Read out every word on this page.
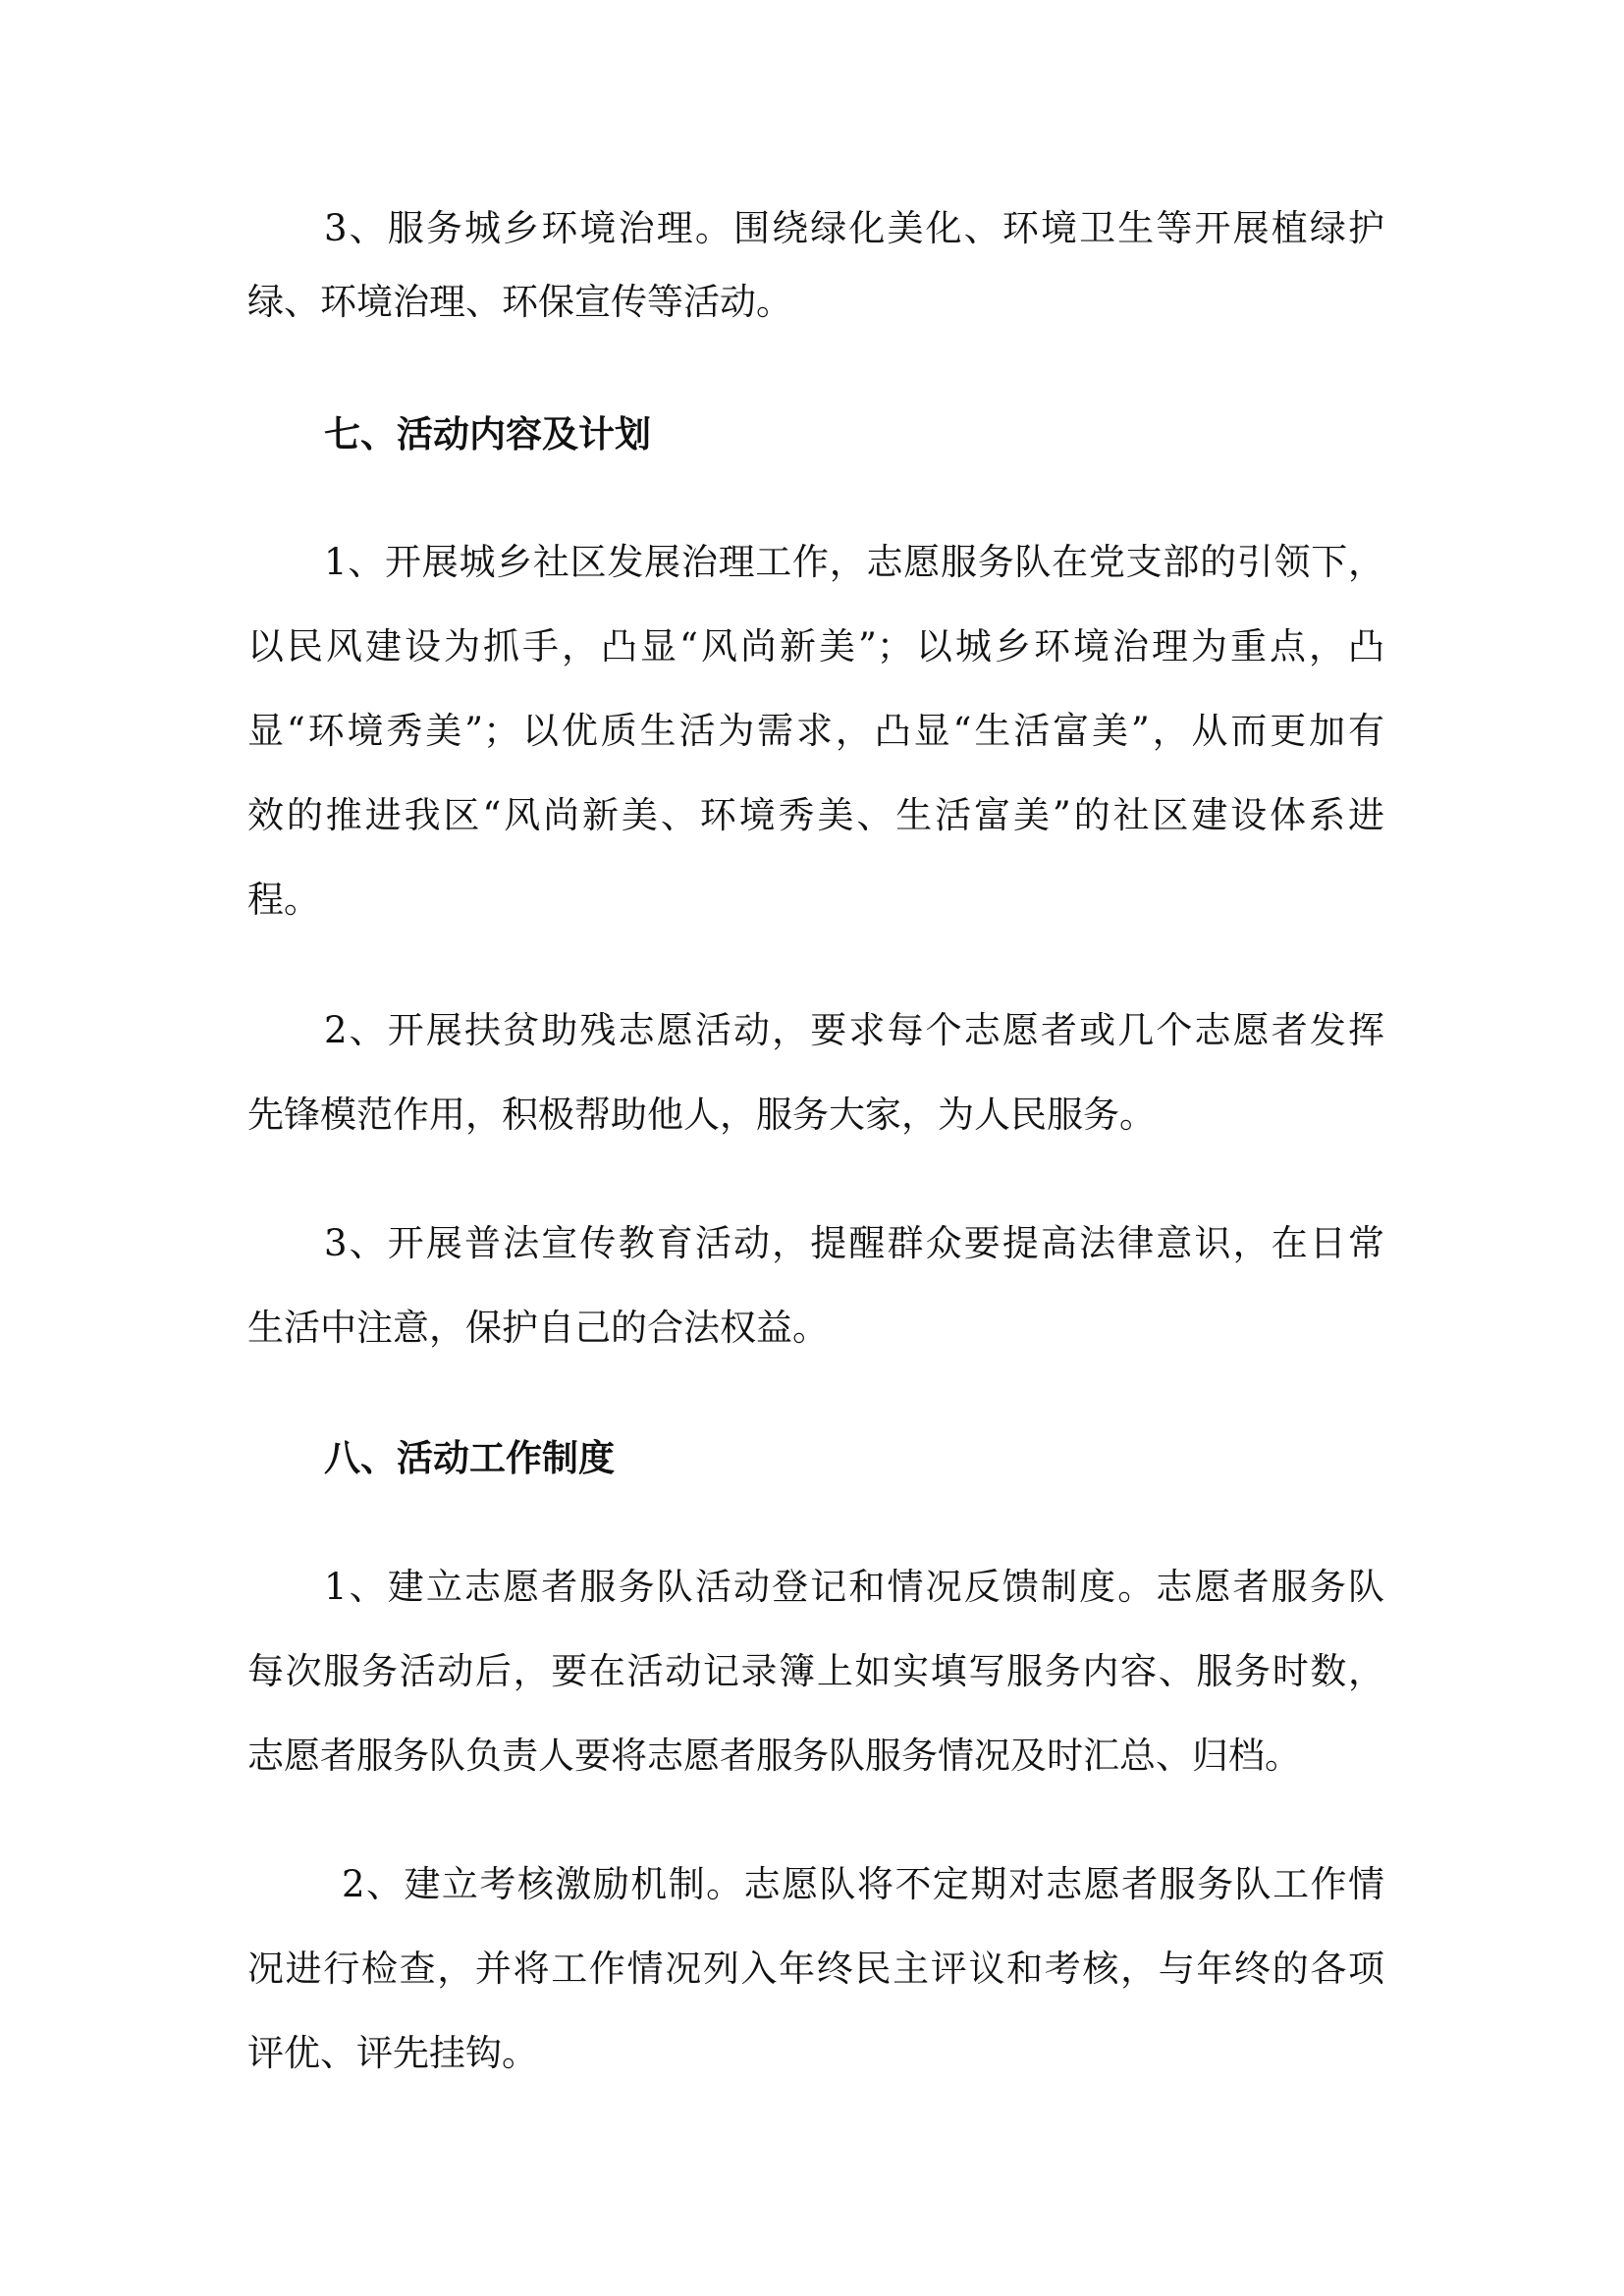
3、服务城乡环境治理。围绕绿化美化、环境卫生等开展植绿护
绿、环境治理、环保宣传等活动。
七、活动内容及计划
1、开展城乡社区发展治理工作，志愿服务队在党支部的引领下，
以民风建设为抓手，凸显“风尚新美”；以城乡环境治理为重点，凸
显“环境秀美”；以优质生活为需求，凸显“生活富美”，从而更加有
效的推进我区“风尚新美、环境秀美、生活富美”的社区建设体系进
程。
2、开展扶贫助残志愿活动，要求每个志愿者或几个志愿者发挥
先锋模范作用，积极帮助他人，服务大家，为人民服务。
3、开展普法宣传教育活动，提醒群众要提高法律意识，在日常
生活中注意，保护自己的合法权益。
八、活动工作制度
1、建立志愿者服务队活动登记和情况反馈制度。志愿者服务队
每次服务活动后，要在活动记录簿上如实填写服务内容、服务时数，
志愿者服务队负责人要将志愿者服务队服务情况及时汇总、归档。
2、建立考核激励机制。志愿队将不定期对志愿者服务队工作情
况进行检查，并将工作情况列入年终民主评议和考核，与年终的各项
评优、评先挂钩。
